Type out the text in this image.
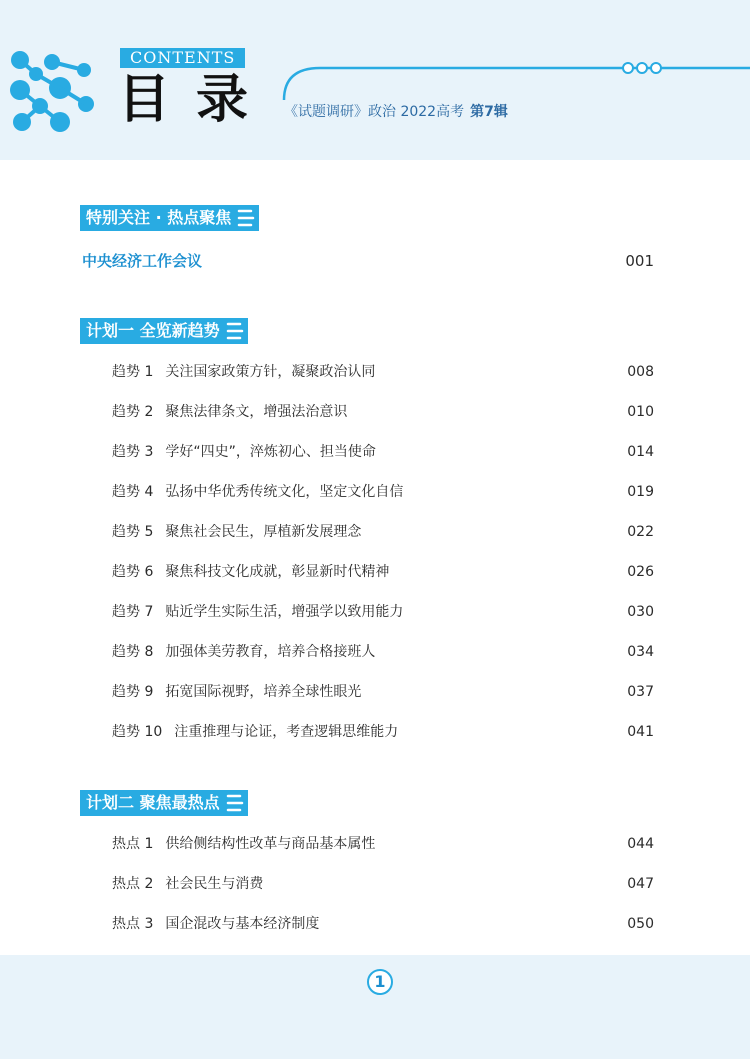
CONTENTS
目录 《试题调研》政治 2022高考 第7辑
特别关注 · 热点聚焦
中央经济工作会议	001
计划一 全览新趋势
趋势 1 关注国家政策方针，凝聚政治认同	008
趋势 2 聚焦法律条文，增强法治意识	010
趋势 3 学好“四史”，淬炼初心、担当使命	014
趋势 4 弘扬中华优秀传统文化，坚定文化自信	019
趋势 5 聚焦社会民生，厚植新发展理念	022
趋势 6 聚焦科技文化成就，彰显新时代精神	026
趋势 7 贴近学生实际生活，增强学以致用能力	030
趋势 8 加强体美劳教育，培养合格接班人	034
趋势 9 拓宽国际视野，培养全球性眼光	037
趋势 10 注重推理与论证，考查逻辑思维能力	041
计划二 聚焦最热点
热点 1 供给侧结构性改革与商品基本属性	044
热点 2 社会民生与消费	047
热点 3 国企混改与基本经济制度	050
1
